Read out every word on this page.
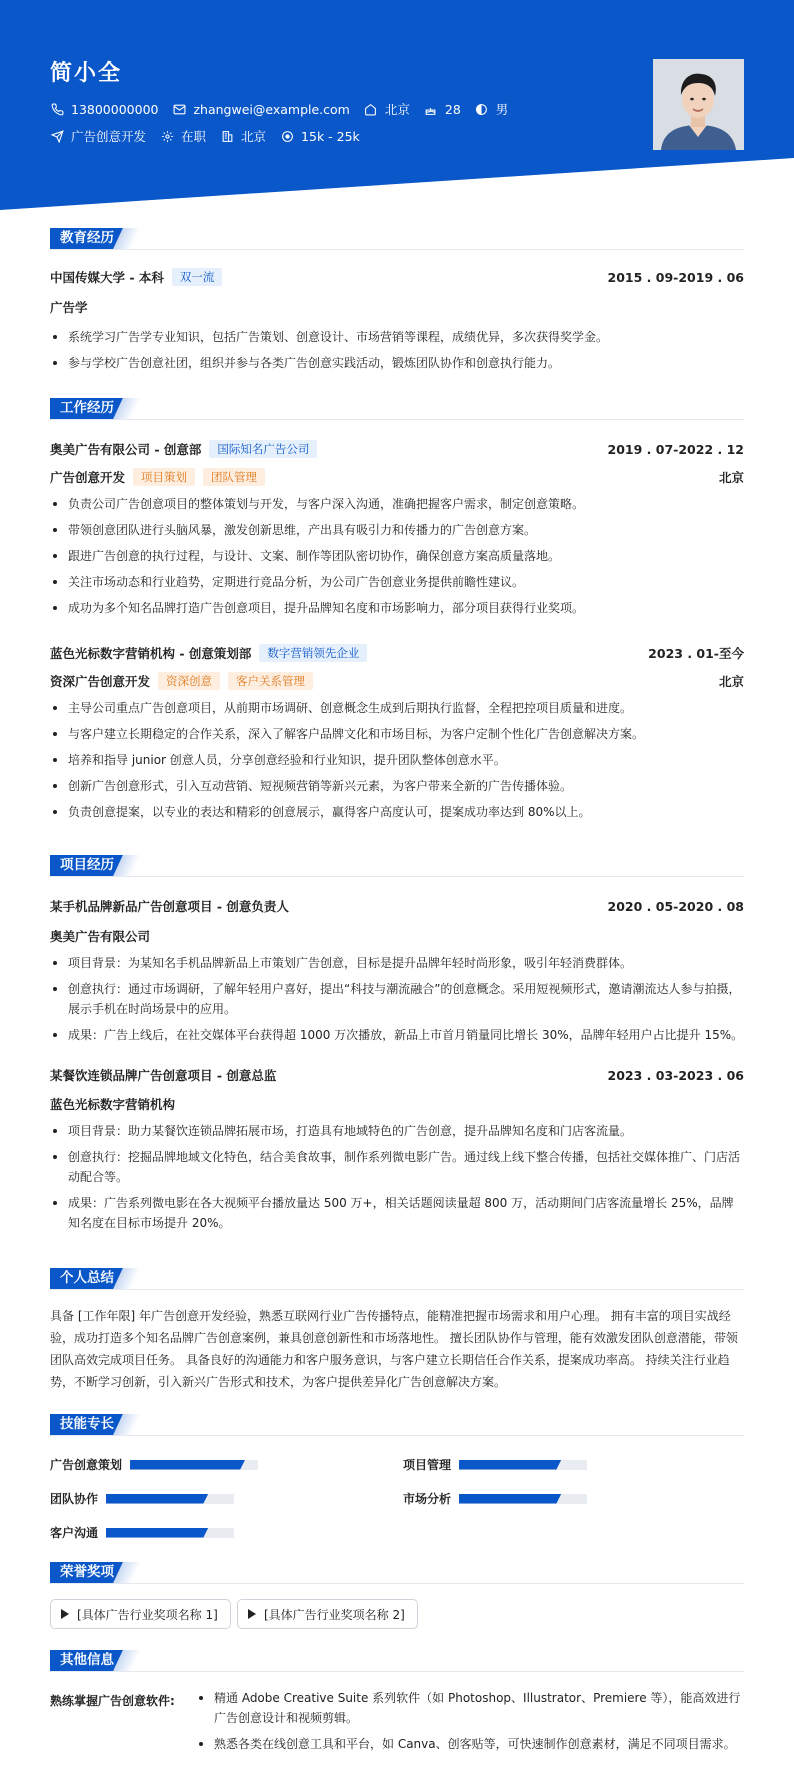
简小全
13800000000	zhangwei@example.com	北京	28	男
广告创意开发	在职	北京	15k - 25k
教育经历
中国传媒大学 - 本科	双一流	2015 . 09-2019 . 06
广告学
系统学习广告学专业知识，包括广告策划、创意设计、市场营销等课程，成绩优异，多次获得奖学金。
参与学校广告创意社团，组织并参与各类广告创意实践活动，锻炼团队协作和创意执行能力。
工作经历
奥美广告有限公司 - 创意部	国际知名广告公司	2019 . 07-2022 . 12
广告创意开发	项目策划	团队管理	北京
负责公司广告创意项目的整体策划与开发，与客户深入沟通，准确把握客户需求，制定创意策略。
带领创意团队进行头脑风暴，激发创新思维，产出具有吸引力和传播力的广告创意方案。
跟进广告创意的执行过程，与设计、文案、制作等团队密切协作，确保创意方案高质量落地。
关注市场动态和行业趋势，定期进行竞品分析，为公司广告创意业务提供前瞻性建议。
成功为多个知名品牌打造广告创意项目，提升品牌知名度和市场影响力，部分项目获得行业奖项。
蓝色光标数字营销机构 - 创意策划部	数字营销领先企业	2023 . 01-至今
资深广告创意开发	资深创意	客户关系管理	北京
主导公司重点广告创意项目，从前期市场调研、创意概念生成到后期执行监督，全程把控项目质量和进度。
与客户建立长期稳定的合作关系，深入了解客户品牌文化和市场目标，为客户定制个性化广告创意解决方案。
培养和指导 junior 创意人员，分享创意经验和行业知识，提升团队整体创意水平。
创新广告创意形式，引入互动营销、短视频营销等新兴元素，为客户带来全新的广告传播体验。
负责创意提案，以专业的表达和精彩的创意展示，赢得客户高度认可，提案成功率达到 80%以上。
项目经历
某手机品牌新品广告创意项目 - 创意负责人	2020 . 05-2020 . 08
奥美广告有限公司
项目背景：为某知名手机品牌新品上市策划广告创意，目标是提升品牌年轻时尚形象，吸引年轻消费群体。
创意执行：通过市场调研，了解年轻用户喜好，提出“科技与潮流融合”的创意概念。采用短视频形式，邀请潮流达人参与拍摄，展示手机在时尚场景中的应用。
成果：广告上线后，在社交媒体平台获得超 1000 万次播放，新品上市首月销量同比增长 30%，品牌年轻用户占比提升 15%。
某餐饮连锁品牌广告创意项目 - 创意总监	2023 . 03-2023 . 06
蓝色光标数字营销机构
项目背景：助力某餐饮连锁品牌拓展市场，打造具有地域特色的广告创意，提升品牌知名度和门店客流量。
创意执行：挖掘品牌地域文化特色，结合美食故事，制作系列微电影广告。通过线上线下整合传播，包括社交媒体推广、门店活动配合等。
成果：广告系列微电影在各大视频平台播放量达 500 万+，相关话题阅读量超 800 万，活动期间门店客流量增长 25%，品牌知名度在目标市场提升 20%。
个人总结
具备 [工作年限] 年广告创意开发经验，熟悉互联网行业广告传播特点，能精准把握市场需求和用户心理。 拥有丰富的项目实战经验，成功打造多个知名品牌广告创意案例，兼具创意创新性和市场落地性。 擅长团队协作与管理，能有效激发团队创意潜能，带领团队高效完成项目任务。 具备良好的沟通能力和客户服务意识，与客户建立长期信任合作关系，提案成功率高。 持续关注行业趋势，不断学习创新，引入新兴广告形式和技术，为客户提供差异化广告创意解决方案。
技能专长
广告创意策划	项目管理
团队协作	市场分析
客户沟通
荣誉奖项
[具体广告行业奖项名称 1]	[具体广告行业奖项名称 2]
其他信息
熟练掌握广告创意软件:	精通 Adobe Creative Suite 系列软件（如 Photoshop、Illustrator、Premiere 等），能高效进行广告创意设计和视频剪辑。
熟悉各类在线创意工具和平台，如 Canva、创客贴等，可快速制作创意素材，满足不同项目需求。
